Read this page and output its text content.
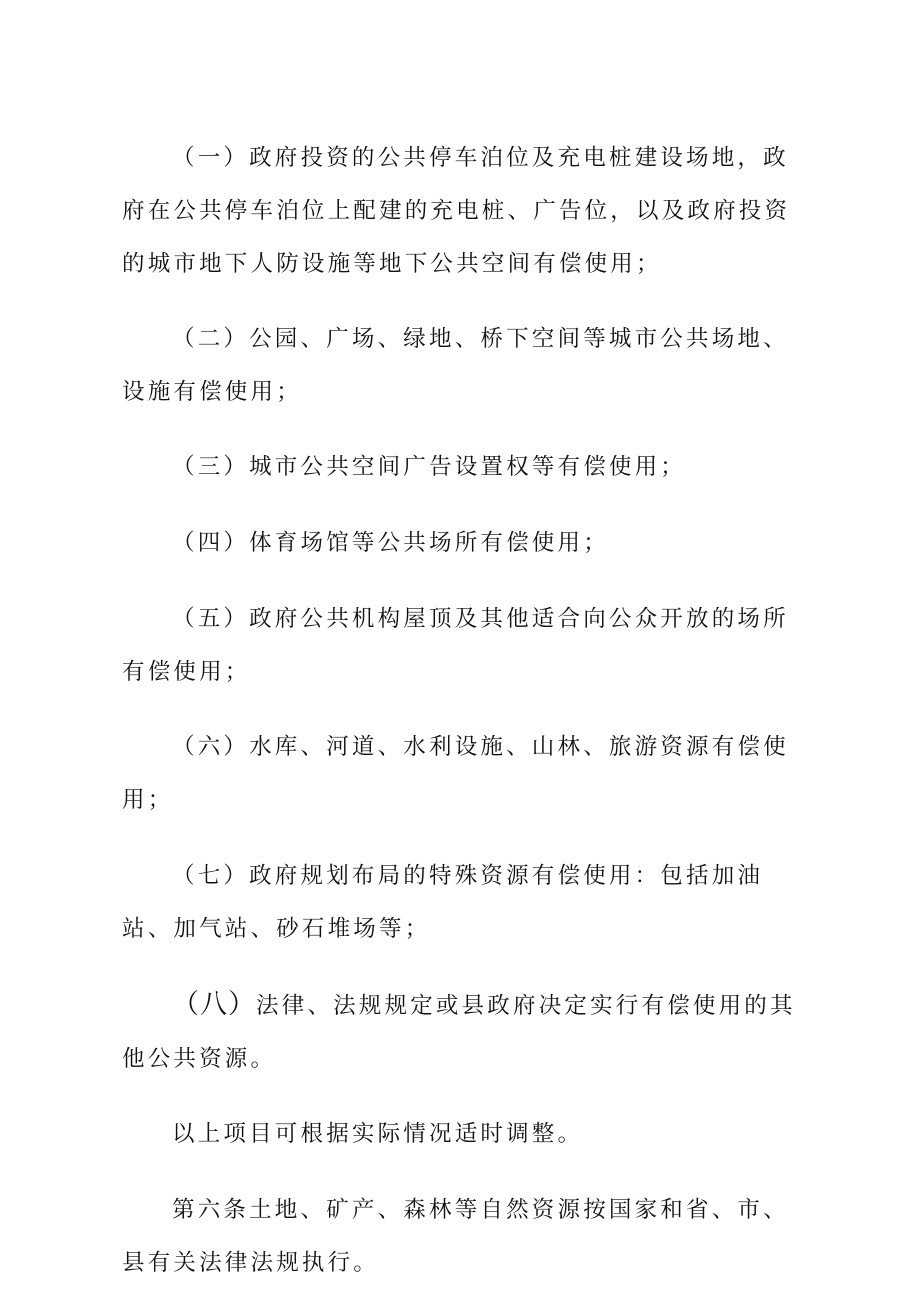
（一）政府投资的公共停车泊位及充电桩建设场地，政府在公共停车泊位上配建的充电桩、广告位，以及政府投资的城市地下人防设施等地下公共空间有偿使用；

（二）公园、广场、绿地、桥下空间等城市公共场地、设施有偿使用；

（三）城市公共空间广告设置权等有偿使用；

（四）体育场馆等公共场所有偿使用；

（五）政府公共机构屋顶及其他适合向公众开放的场所有偿使用；

（六）水库、河道、水利设施、山林、旅游资源有偿使用；

（七）政府规划布局的特殊资源有偿使用：包括加油站、加气站、砂石堆场等；

（八）法律、法规规定或县政府决定实行有偿使用的其他公共资源。

以上项目可根据实际情况适时调整。

第六条土地、矿产、森林等自然资源按国家和省、市、县有关法律法规执行。
